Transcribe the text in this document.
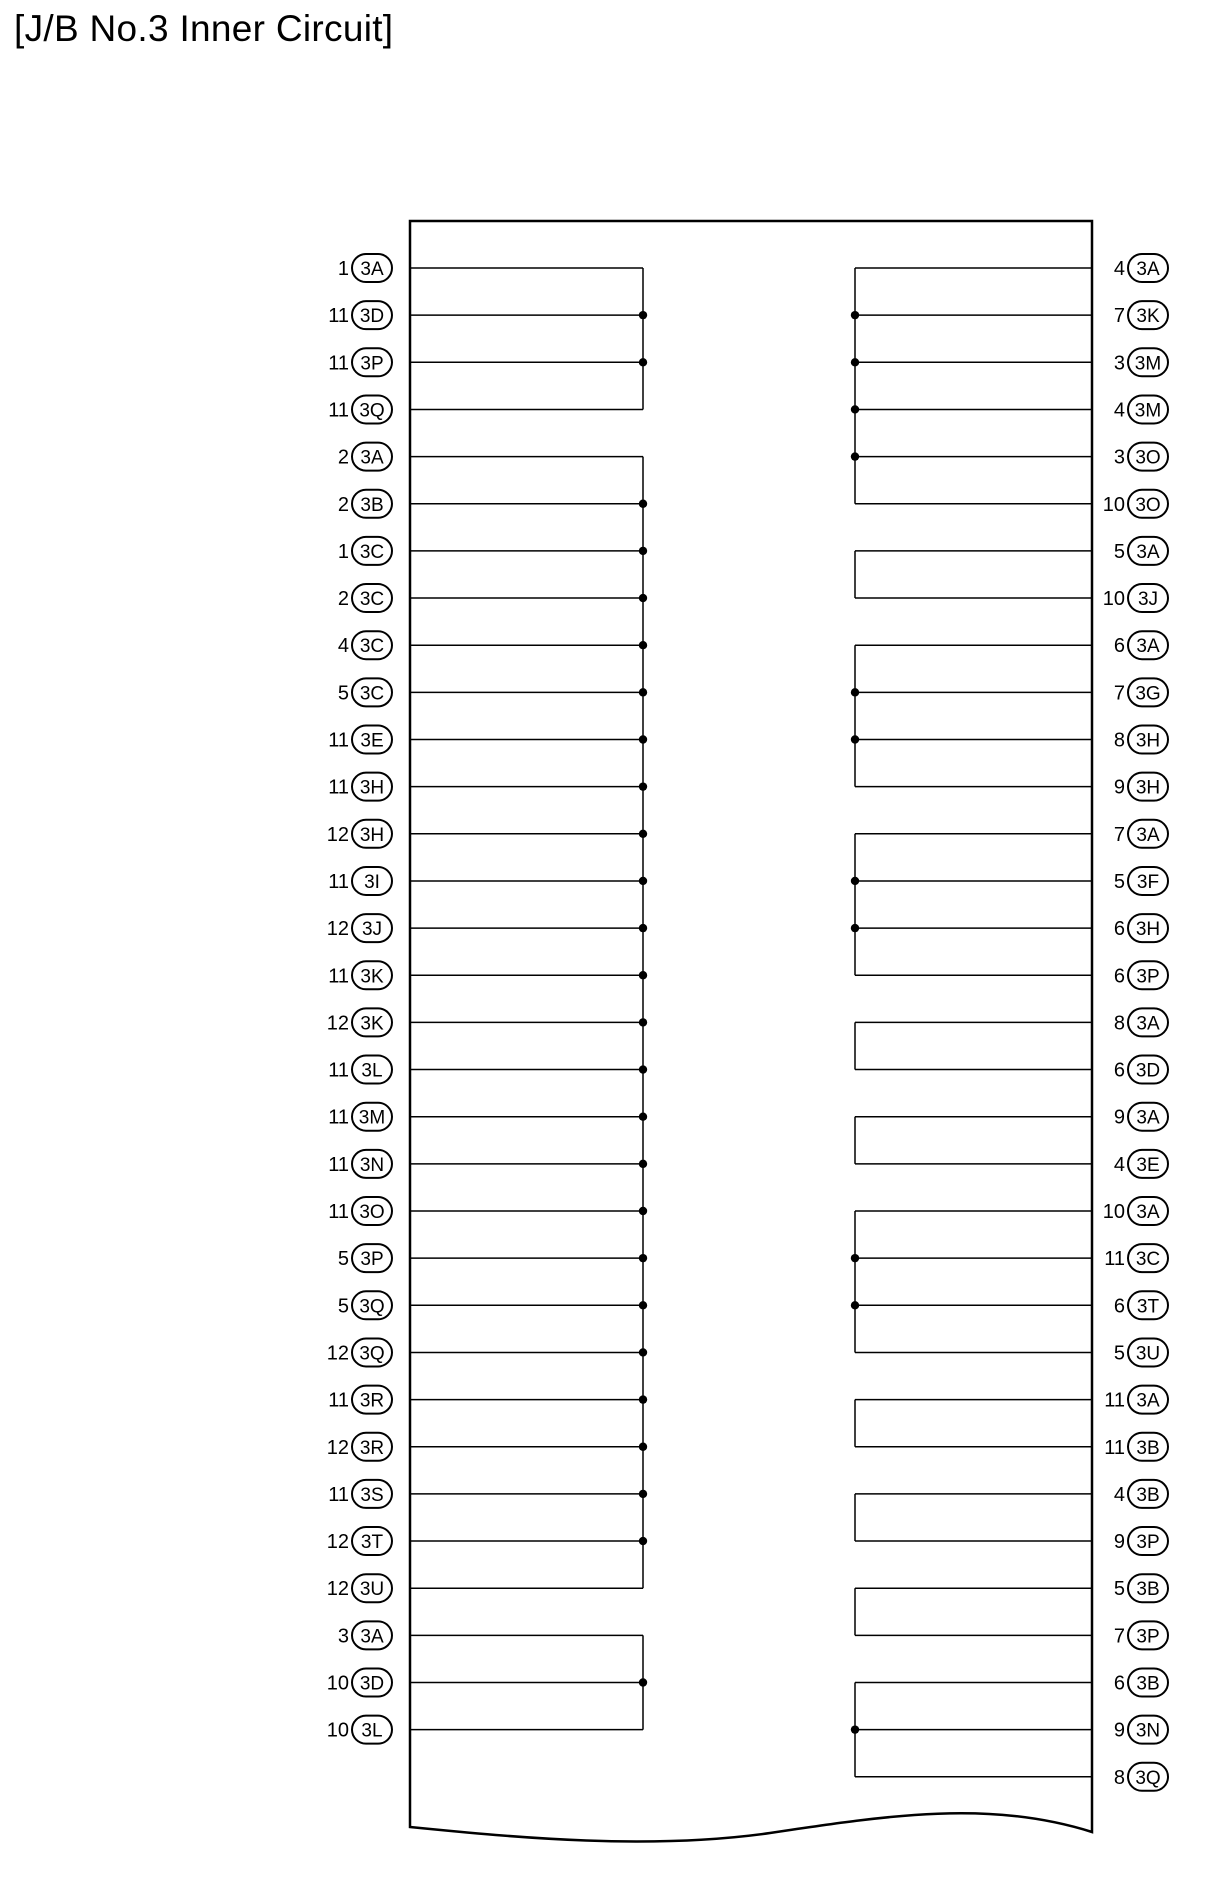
[J/B No.3 Inner Circuit]
3A
1
3D
11
3P
11
3Q
11
3A
2
3B
2
3C
1
3C
2
3C
4
3C
5
3E
11
3H
11
3H
12
3I
11
3J
12
3K
11
3K
12
3L
11
3M
11
3N
11
3O
11
3P
5
3Q
5
3Q
12
3R
11
3R
12
3S
11
3T
12
3U
12
3A
3
3D
10
3L
10
3A
4
3K
7
3M
3
3M
4
3O
3
3O
10
3A
5
3J
10
3A
6
3G
7
3H
8
3H
9
3A
7
3F
5
3H
6
3P
6
3A
8
3D
6
3A
9
3E
4
3A
10
3C
11
3T
6
3U
5
3A
11
3B
11
3B
4
3P
9
3B
5
3P
7
3B
6
3N
9
3Q
8
